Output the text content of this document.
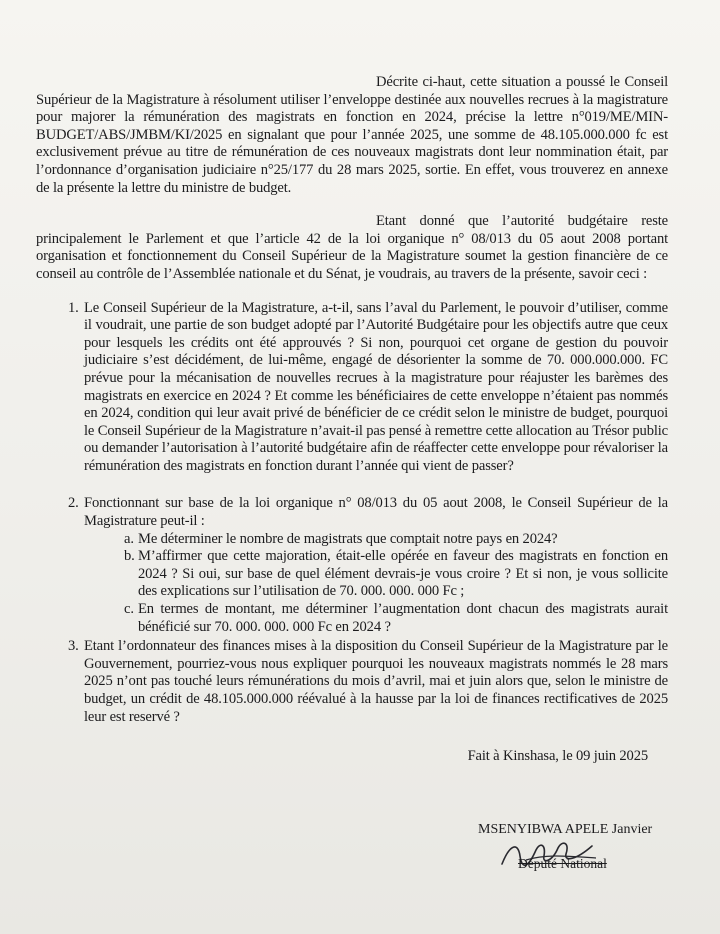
Décrite ci-haut, cette situation a poussé le Conseil Supérieur de la Magistrature à résolument utiliser l’enveloppe destinée aux nouvelles recrues à la magistrature pour majorer la rémunération des magistrats en fonction en 2024, précise la lettre n°019/ME/MIN-BUDGET/ABS/JMBM/KI/2025 en signalant que pour l’année 2025, une somme de 48.105.000.000 fc est exclusivement prévue au titre de rémunération de ces nouveaux magistrats dont leur nommination était, par l’ordonnance d’organisation judiciaire n°25/177 du 28 mars 2025, sortie. En effet, vous trouverez en annexe de la présente la lettre du ministre de budget.

Etant donné que l’autorité budgétaire reste principalement le Parlement et que l’article 42 de la loi organique n° 08/013 du 05 aout 2008 portant organisation et fonctionnement du Conseil Supérieur de la Magistrature soumet la gestion financière de ce conseil au contrôle de l’Assemblée nationale et du Sénat, je voudrais, au travers de la présente, savoir ceci :

1. Le Conseil Supérieur de la Magistrature, a-t-il, sans l’aval du Parlement, le pouvoir d’utiliser, comme il voudrait, une partie de son budget adopté par l’Autorité Budgétaire pour les objectifs autre que ceux pour lesquels les crédits ont été approuvés ? Si non, pourquoi cet organe de gestion du pouvoir judiciaire s’est décidément, de lui-même, engagé de désorienter la somme de 70. 000.000.000. FC prévue pour la mécanisation de nouvelles recrues à la magistrature pour réajuster les barèmes des magistrats en exercice en 2024 ? Et comme les bénéficiaires de cette enveloppe n’étaient pas nommés en 2024, condition qui leur avait privé de bénéficier de ce crédit selon le ministre de budget, pourquoi le Conseil Supérieur de la Magistrature n’avait-il pas pensé à remettre cette allocation au Trésor public ou demander l’autorisation à l’autorité budgétaire afin de réaffecter cette enveloppe pour révaloriser la rémunération des magistrats en fonction durant l’année qui vient de passer?
2. Fonctionnant sur base de la loi organique n° 08/013 du 05 aout 2008, le Conseil Supérieur de la Magistrature peut-il :
a. Me déterminer le nombre de magistrats que comptait notre pays en 2024?
b. M’affirmer que cette majoration, était-elle opérée en faveur des magistrats en fonction en 2024 ? Si oui, sur base de quel élément devrais-je vous croire ? Et si non, je vous sollicite des explications sur l’utilisation de 70. 000. 000. 000 Fc ;
c. En termes de montant, me déterminer l’augmentation dont chacun des magistrats aurait bénéficié sur 70. 000. 000. 000 Fc en 2024 ?
3. Etant l’ordonnateur des finances mises à la disposition du Conseil Supérieur de la Magistrature par le Gouvernement, pourriez-vous nous expliquer pourquoi les nouveaux magistrats nommés le 28 mars 2025 n’ont pas touché leurs rémunérations du mois d’avril, mai et juin alors que, selon le ministre de budget, un crédit de 48.105.000.000 réévalué à la hausse par la loi de finances rectificatives de 2025 leur est reservé ?

Fait à Kinshasa, le 09 juin 2025

MSENYIBWA APELE Janvier
Député National
